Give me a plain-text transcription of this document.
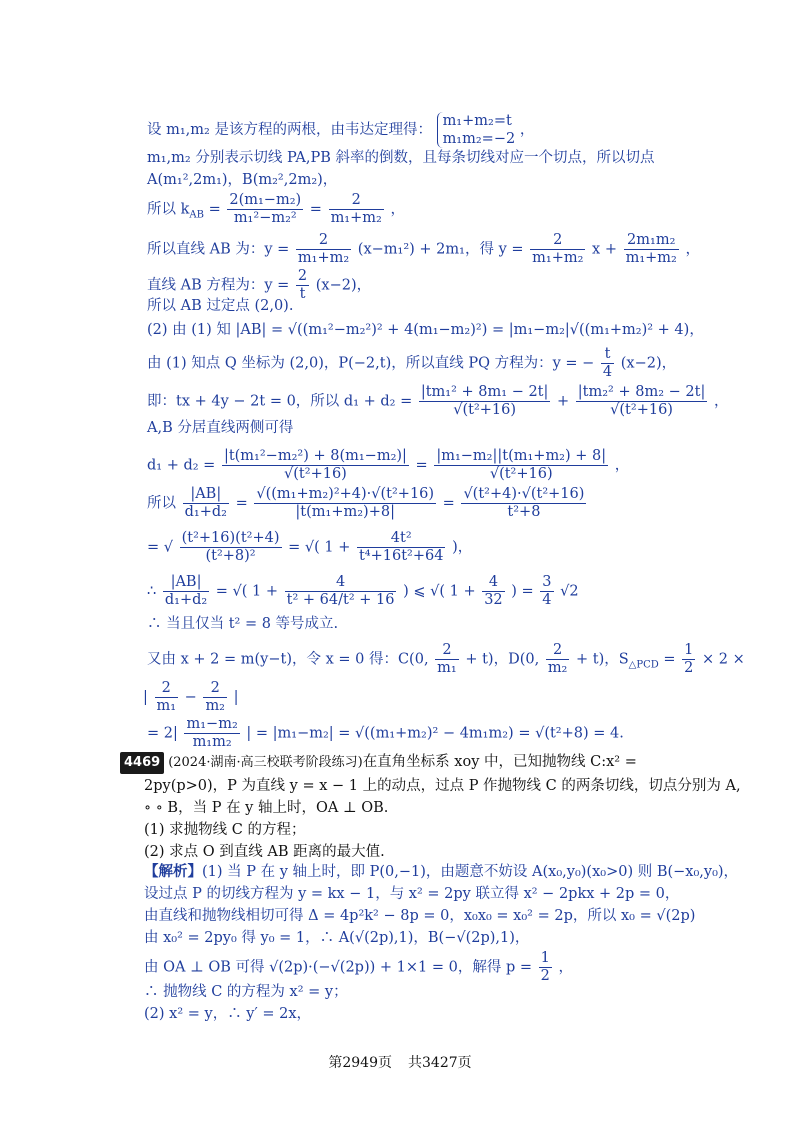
设 m₁,m₂ 是该方程的两根，由韦达定理得：
m₁+m₂=t
m₁m₂=−2
，
m₁,m₂ 分别表示切线 PA,PB 斜率的倒数，且每条切线对应一个切点，所以切点
A(m₁²,2m₁)，B(m₂²,2m₂)，
所以 $k_{AB} = \frac{\text{2(m₁−m₂)}}{\text{m₁²−m₂²}} = \frac{2}{\text{m₁+m₂}}$ ，
所以直线 AB 为：$y = \frac{2}{\text{m₁+m₂}} (x-m_1^2) + 2m_1$，得 $y = \frac{2}{\text{m₁+m₂}}$ $x + \frac{\text{2m₁m₂}}{\text{m₁+m₂}}$ ，
直线 AB 方程为：$y = \frac{2}{t} (x-2)$，
所以 AB 过定点 (2,0).
(2) 由 (1) 知 |AB| = √((m₁²−m₂²)² + 4(m₁−m₂)²) = |m₁−m₂|√((m₁+m₂)² + 4)，
由 (1) 知点 Q 坐标为 (2,0)，P(−2,t)，所以直线 PQ 方程为：y = − $\frac{t}{4} (x-2)$，
即：tx + 4y − 2t = 0，所以 $d_1 + d_2 = \frac{\text{|tm₁² + 8m₁ − 2t|}}{\text{√(t²+16)}} + \frac{\text{|tm₂² + 8m₂ − 2t|}}{\text{√(t²+16)}}$ ，
A,B 分居直线两侧可得
$d_1 + d_2 = \frac{\text{|t(m₁²−m₂²) + 8(m₁−m₂)|}}{\text{√(t²+16)}} = \frac{\text{|m₁−m₂||t(m₁+m₂) + 8|}}{\text{√(t²+16)}}$ ，
所以 $\frac{|AB|}{\text{d₁+d₂}} = \frac{\text{√((m₁+m₂)²+4)·√(t²+16)}}{\text{|t(m₁+m₂)+8|}} = \frac{\text{√(t²+4)·√(t²+16)}}{\text{t²+8}}$
= √ $\frac{\text{(t²+16)(t²+4)}}{\text{(t²+8)²}}$ = √( $1 + \frac{\text{4t²}}{\text{t⁴+16t²+64}}$ )，
∴ $\frac{|AB|}{\text{d₁+d₂}}$ = √( $1 + \frac{4}{\text{t² + 64/t² + 16}}$ ) ⩽ √( $1 + \frac{4}{32}$ ) = $\frac{3}{4} √2$
∴ 当且仅当 t² = 8 等号成立.
又由 x + 2 = m(y−t)，令 x = 0 得：C(0, $\frac{2}{\text{m₁}} + t$)，D(0, $\frac{2}{\text{m₂}} + t$)，$S_{\triangle PCD} = \frac{1}{2} \times 2$ ×
| $\frac{2}{\text{m₁}} - \frac{2}{\text{m₂}}$ |
= $2| \frac{\text{m₁−m₂}}{\text{m₁m₂}}$ | = |m₁−m₂| = √((m₁+m₂)² − 4m₁m₂) = √(t²+8) = 4.
4469 (2024·湖南·高三校联考阶段练习)在直角坐标系 xoy 中，已知抛物线 C:x² =
2py(p>0)，P 为直线 y = x − 1 上的动点，过点 P 作抛物线 C 的两条切线，切点分别为 A,
∘ ∘ B，当 P 在 y 轴上时，OA ⊥ OB.
(1) 求抛物线 C 的方程；
(2) 求点 O 到直线 AB 距离的最大值.
【解析】(1) 当 P 在 y 轴上时，即 P(0,−1)，由题意不妨设 A(x₀,y₀)(x₀>0) 则 B(−x₀,y₀)，
设过点 P 的切线方程为 y = kx − 1，与 x² = 2py 联立得 x² − 2pkx + 2p = 0，
由直线和抛物线相切可得 Δ = 4p²k² − 8p = 0，x₀x₀ = x₀² = 2p，所以 x₀ = √(2p)
由 x₀² = 2py₀ 得 y₀ = 1，∴ A(√(2p),1)，B(−√(2p),1)，
由 OA ⊥ OB 可得 √(2p)·(−√(2p)) + 1×1 = 0，解得 $p = \frac{1}{2}$ ，
∴ 抛物线 C 的方程为 x² = y；
(2) x² = y，∴ y′ = 2x，
第2949页 共3427页
